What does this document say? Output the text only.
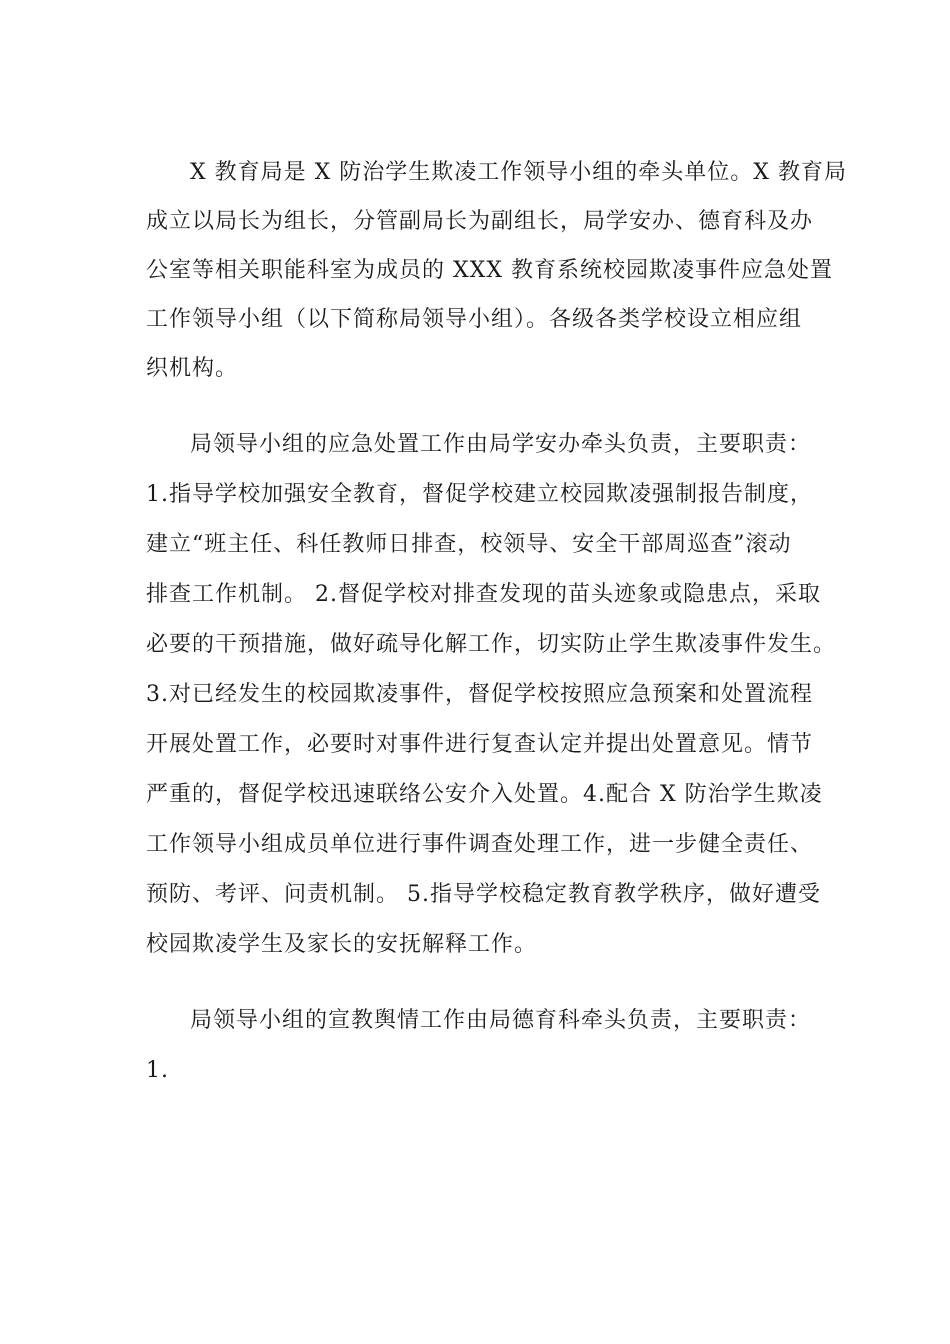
X 教育局是 X 防治学生欺凌工作领导小组的牵头单位。X 教育局
成立以局长为组长，分管副局长为副组长，局学安办、德育科及办
公室等相关职能科室为成员的 XXX 教育系统校园欺凌事件应急处置
工作领导小组（以下简称局领导小组）。各级各类学校设立相应组
织机构。
局领导小组的应急处置工作由局学安办牵头负责，主要职责：
1.指导学校加强安全教育，督促学校建立校园欺凌强制报告制度，
建立“班主任、科任教师日排查，校领导、安全干部周巡查”滚动
排查工作机制。 2.督促学校对排查发现的苗头迹象或隐患点，采取
必要的干预措施，做好疏导化解工作，切实防止学生欺凌事件发生。
3.对已经发生的校园欺凌事件，督促学校按照应急预案和处置流程
开展处置工作，必要时对事件进行复查认定并提出处置意见。情节
严重的，督促学校迅速联络公安介入处置。4.配合 X 防治学生欺凌
工作领导小组成员单位进行事件调查处理工作，进一步健全责任、
预防、考评、问责机制。 5.指导学校稳定教育教学秩序，做好遭受
校园欺凌学生及家长的安抚解释工作。
局领导小组的宣教舆情工作由局德育科牵头负责，主要职责：
1.
